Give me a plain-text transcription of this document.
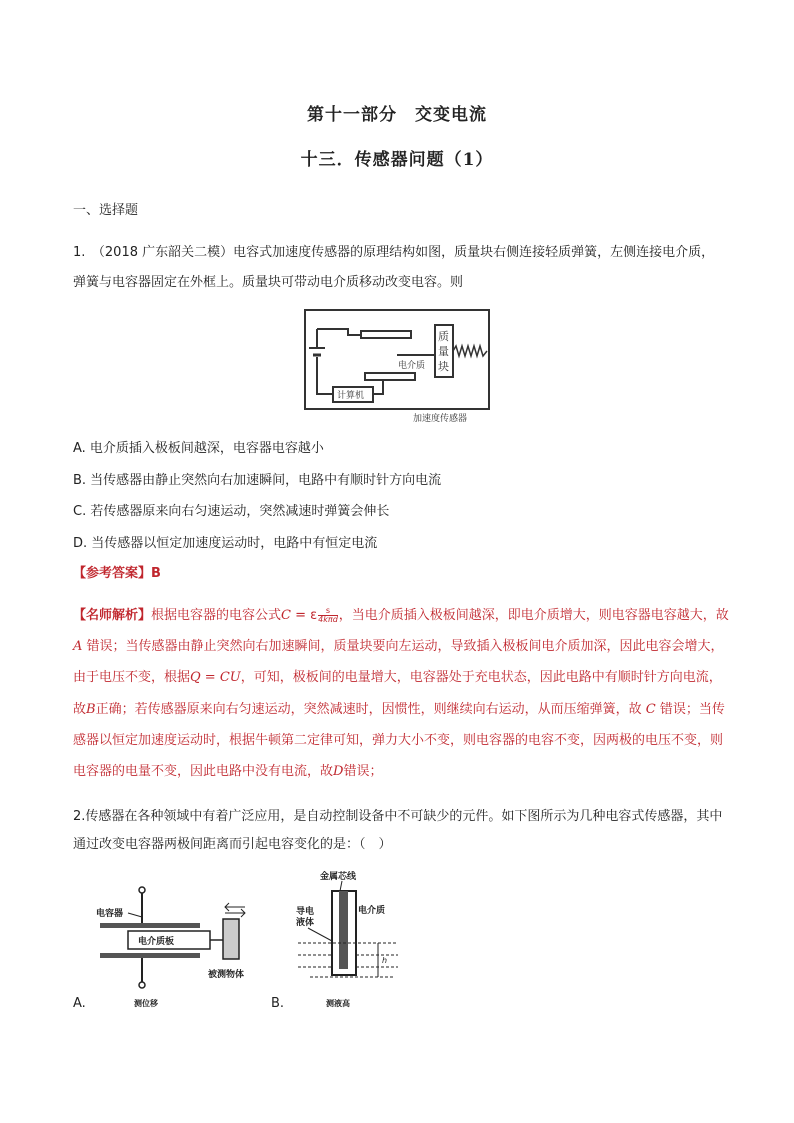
第十一部分　交变电流
十三．传感器问题（1）
一、选择题
1.　（2018 广东韶关二模）电容式加速度传感器的原理结构如图，质量块右侧连接轻质弹簧，左侧连接电介质，弹簧与电容器固定在外框上。质量块可带动电介质移动改变电容。则
电介质
质
量
块
计算机
加速度传感器
A. 电介质插入极板间越深，电容器电容越小
B. 当传感器由静止突然向右加速瞬间，电路中有顺时针方向电流
C. 若传感器原来向右匀速运动，突然减速时弹簧会伸长
D. 当传感器以恒定加速度运动时，电路中有恒定电流
【参考答案】B
【名师解析】根据电容器的电容公式C = ε $\frac{s}{\text{4kπd}}$ ，当电介质插入极板间越深，即电介质增大，则电容器电容越大，故 A 错误；当传感器由静止突然向右加速瞬间，质量块要向左运动，导致插入极板间电介质加深，因此电容会增大，由于电压不变，根据Q = CU，可知，极板间的电量增大，电容器处于充电状态，因此电路中有顺时针方向电流，故B正确；若传感器原来向右匀速运动，突然减速时，因惯性，则继续向右运动，从而压缩弹簧，故 C 错误；当传感器以恒定加速度运动时，根据牛顿第二定律可知，弹力大小不变，则电容器的电容不变，因两极的电压不变，则电容器的电量不变，因此电路中没有电流，故D错误；
2.传感器在各种领域中有着广泛应用，是自动控制设备中不可缺少的元件。如下图所示为几种电容式传感器，其中通过改变电容器两极间距离而引起电容变化的是：（　）
电容器
电介质板
被测物体
测位移
A.
金属芯线
导电
液体
电介质
h
测液高
B.
